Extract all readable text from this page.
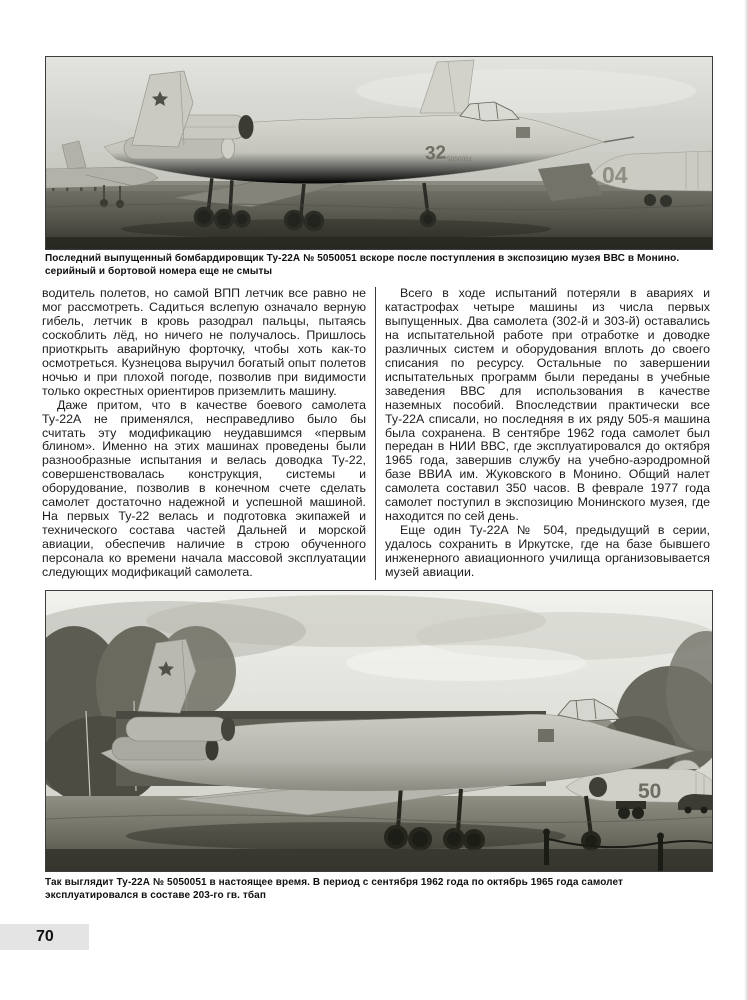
04
32 5050051

Последний выпущенный бомбардировщик Ту-22А № 5050051 вскоре после поступления в экспозицию музея ВВС в Монино. серийный и бортовой номера еще не смыты

водитель полетов, но самой ВПП летчик все равно не мог рассмотреть. Садиться вслепую означало верную гибель, летчик в кровь разодрал пальцы, пытаясь соскоблить лёд, но ничего не получалось. Пришлось приоткрыть аварийную форточку, чтобы хоть как-то осмотреться. Кузнецова выручил богатый опыт полетов ночью и при плохой погоде, позволив при видимости только окрестных ориентиров приземлить машину.

Даже притом, что в качестве боевого самолета Ту-22А не применялся, несправедливо было бы считать эту модификацию неудавшимся «первым блином». Именно на этих машинах проведены были разнообразные испытания и велась доводка Ту-22, совершенствовалась конструкция, системы и оборудование, позволив в конечном счете сделать самолет достаточно надежной и успешной машиной. На первых Ту-22 велась и подготовка экипажей и технического состава частей Дальней и морской авиации, обеспечив наличие в строю обученного персонала ко времени начала массовой эксплуатации следующих модификаций самолета.

Всего в ходе испытаний потеряли в авариях и катастрофах четыре машины из числа первых выпущенных. Два самолета (302-й и 303-й) оставались на испытательной работе при отработке и доводке различных систем и оборудования вплоть до своего списания по ресурсу. Остальные по завершении испытательных программ были переданы в учебные заведения ВВС для использования в качестве наземных пособий. Впоследствии практически все Ту-22А списали, но последняя в их ряду 505-я машина была сохранена. В сентябре 1962 года самолет был передан в НИИ ВВС, где эксплуатировался до октября 1965 года, завершив службу на учебно-аэродромной базе ВВИА им. Жуковского в Монино. Общий налет самолета составил 350 часов. В феврале 1977 года самолет поступил в экспозицию Монинского музея, где находится по сей день.

Еще один Ту-22А № 504, предыдущий в серии, удалось сохранить в Иркутске, где на базе бывшего инженерного авиационного училища организовывается музей авиации.

50

Так выглядит Ту-22А № 5050051 в настоящее время. В период с сентября 1962 года по октябрь 1965 года самолет эксплуатировался в составе 203-го гв. тбап

70
